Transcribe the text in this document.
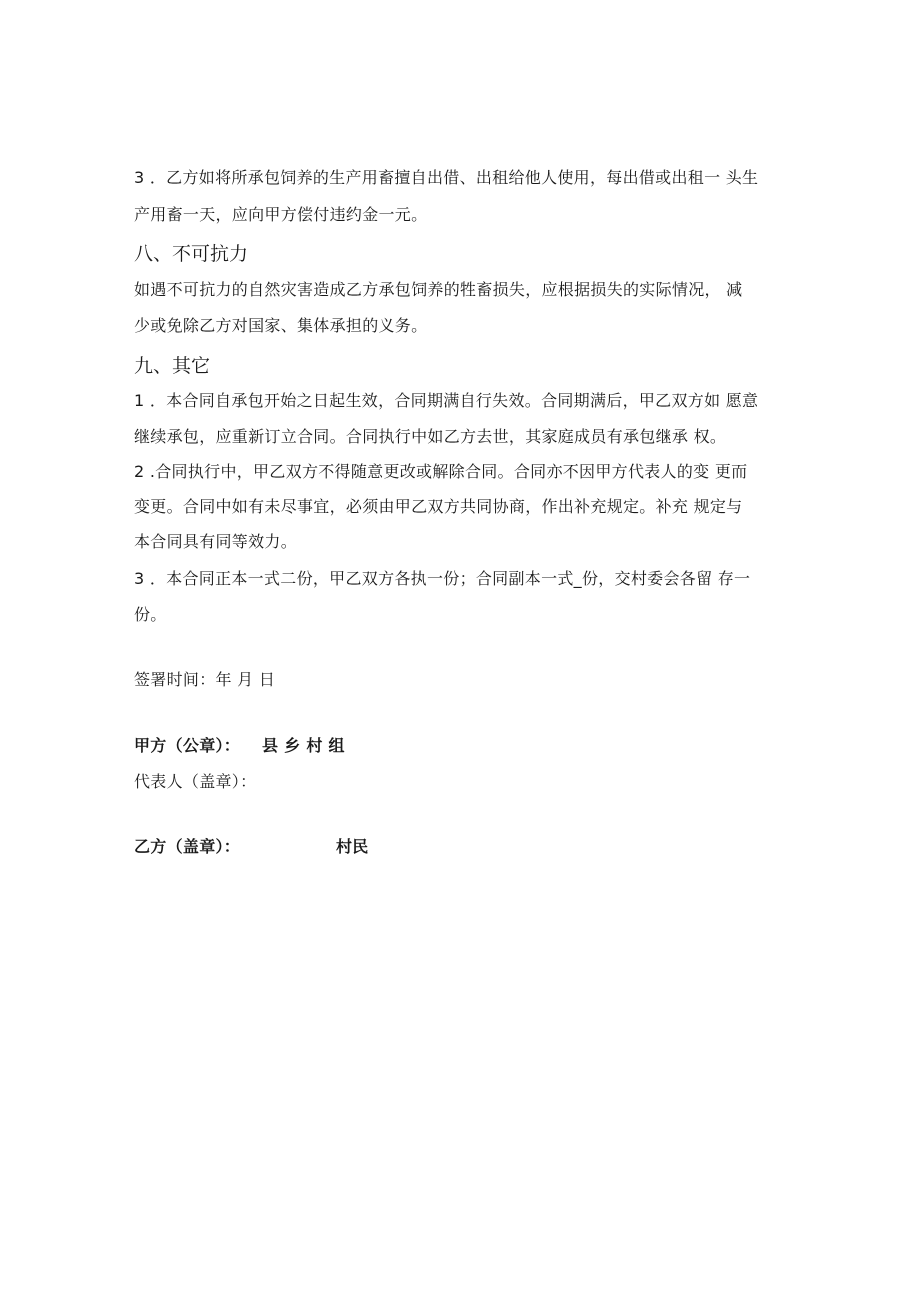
3 ．乙方如将所承包饲养的生产用畜擅自出借、出租给他人使用，每出借或出租一 头生
产用畜一天，应向甲方偿付违约金一元。
八、不可抗力
如遇不可抗力的自然灾害造成乙方承包饲养的牲畜损失，应根据损失的实际情况， 减
少或免除乙方对国家、集体承担的义务。
九、其它
1 ．本合同自承包开始之日起生效，合同期满自行失效。合同期满后，甲乙双方如 愿意
继续承包，应重新订立合同。合同执行中如乙方去世，其家庭成员有承包继承 权。
2 .合同执行中，甲乙双方不得随意更改或解除合同。合同亦不因甲方代表人的变 更而
变更。合同中如有未尽事宜，必须由甲乙双方共同协商，作出补充规定。补充 规定与
本合同具有同等效力。
3 ．本合同正本一式二份，甲乙双方各执一份；合同副本一式_份，交村委会各留 存一
份。
签署时间：年 月 日
甲方（公章）： 县 乡 村 组
代表人（盖章）：
乙方（盖章）：	村民
